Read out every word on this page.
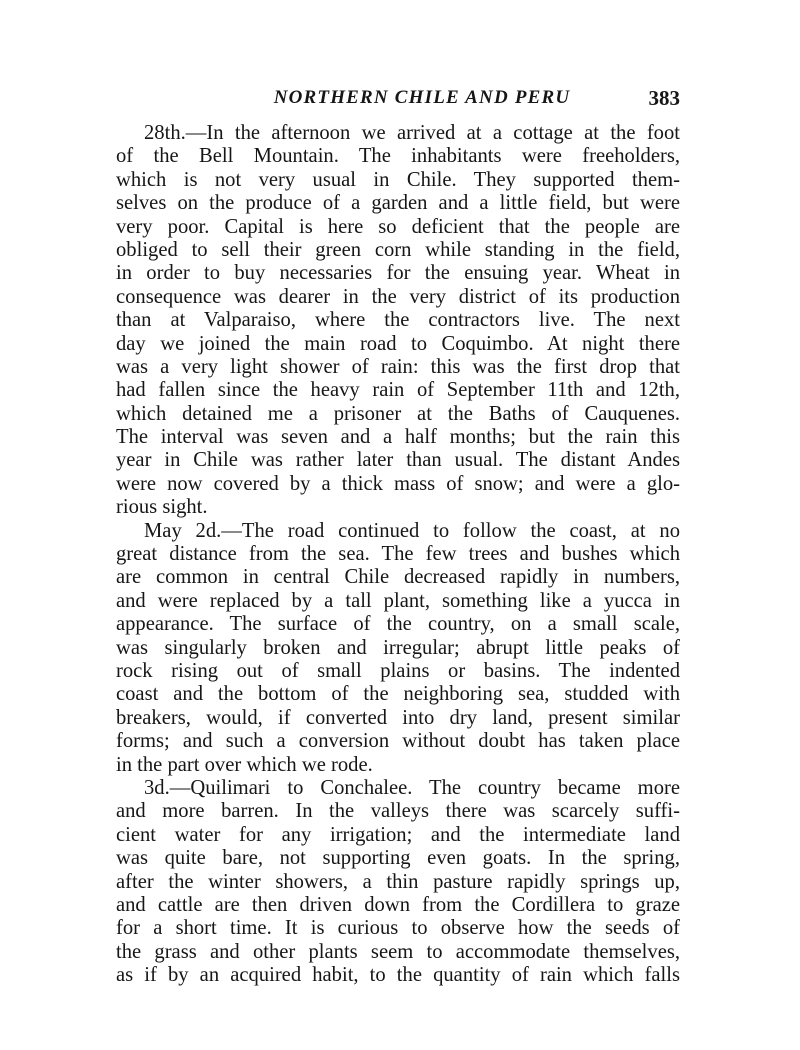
NORTHERN CHILE AND PERU	383
28th.—In the afternoon we arrived at a cottage at the foot
of the Bell Mountain. The inhabitants were freeholders,
which is not very usual in Chile. They supported them-
selves on the produce of a garden and a little field, but were
very poor. Capital is here so deficient that the people are
obliged to sell their green corn while standing in the field,
in order to buy necessaries for the ensuing year. Wheat in
consequence was dearer in the very district of its production
than at Valparaiso, where the contractors live. The next
day we joined the main road to Coquimbo. At night there
was a very light shower of rain: this was the first drop that
had fallen since the heavy rain of September 11th and 12th,
which detained me a prisoner at the Baths of Cauquenes.
The interval was seven and a half months; but the rain this
year in Chile was rather later than usual. The distant Andes
were now covered by a thick mass of snow; and were a glo-
rious sight.
May 2d.—The road continued to follow the coast, at no
great distance from the sea. The few trees and bushes which
are common in central Chile decreased rapidly in numbers,
and were replaced by a tall plant, something like a yucca in
appearance. The surface of the country, on a small scale,
was singularly broken and irregular; abrupt little peaks of
rock rising out of small plains or basins. The indented
coast and the bottom of the neighboring sea, studded with
breakers, would, if converted into dry land, present similar
forms; and such a conversion without doubt has taken place
in the part over which we rode.
3d.—Quilimari to Conchalee. The country became more
and more barren. In the valleys there was scarcely suffi-
cient water for any irrigation; and the intermediate land
was quite bare, not supporting even goats. In the spring,
after the winter showers, a thin pasture rapidly springs up,
and cattle are then driven down from the Cordillera to graze
for a short time. It is curious to observe how the seeds of
the grass and other plants seem to accommodate themselves,
as if by an acquired habit, to the quantity of rain which falls
